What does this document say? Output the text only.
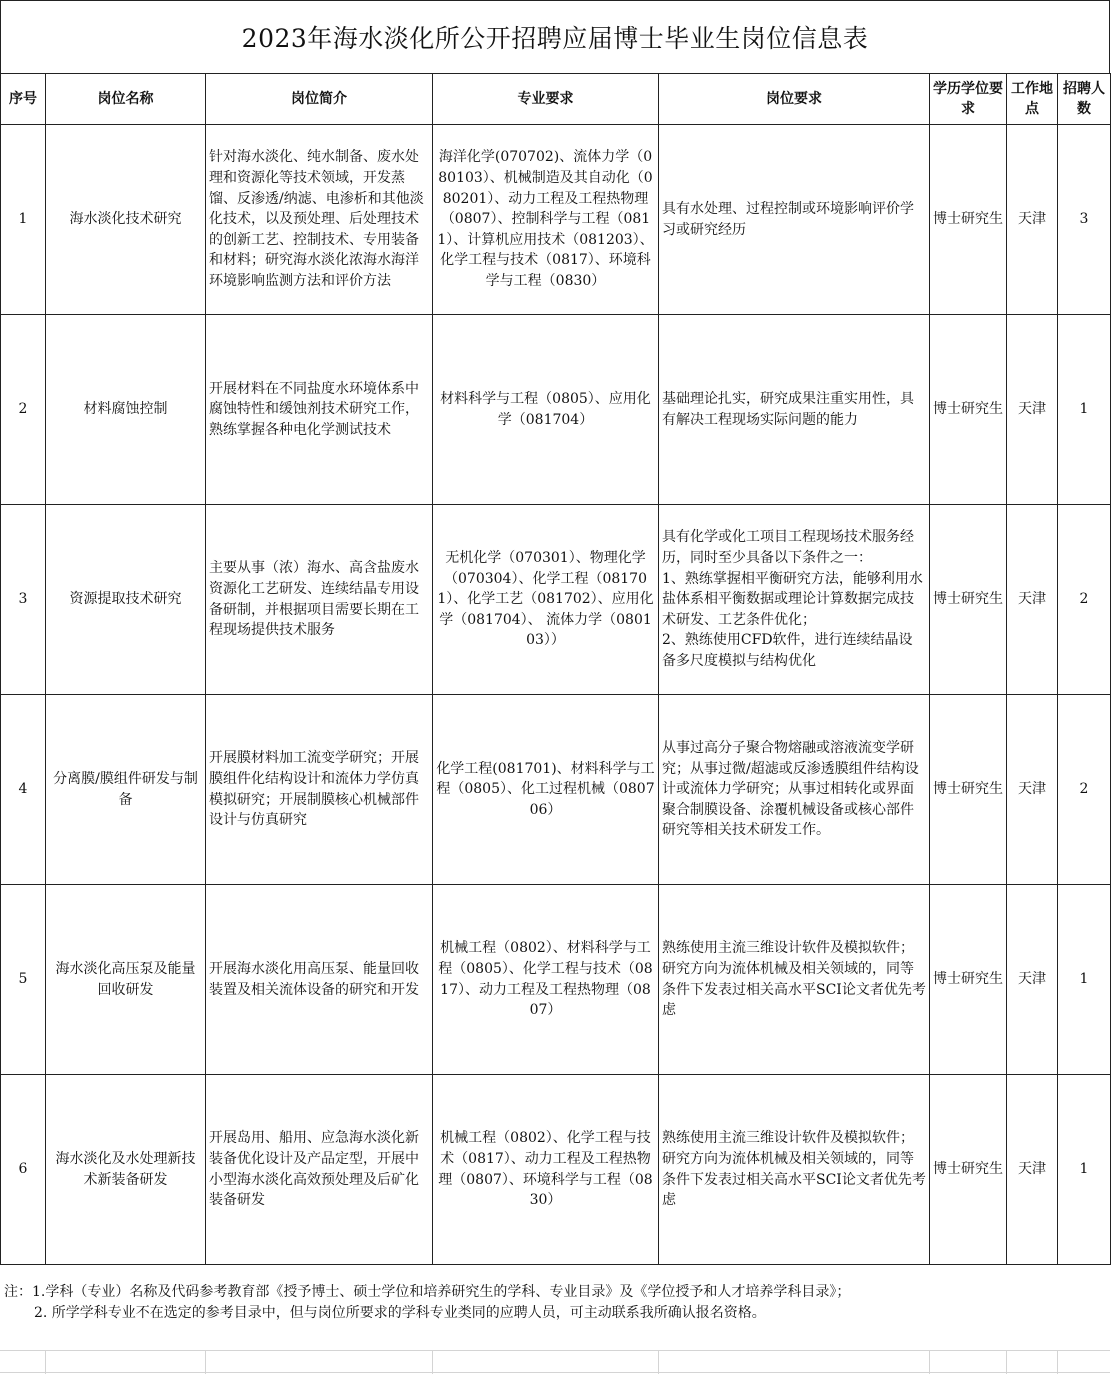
2023年海水淡化所公开招聘应届博士毕业生岗位信息表
序号	岗位名称	岗位简介	专业要求	岗位要求	学历学位要求	工作地点	招聘人数
1	海水淡化技术研究	针对海水淡化、纯水制备、废水处理和资源化等技术领域，开发蒸馏、反渗透/纳滤、电渗析和其他淡化技术，以及预处理、后处理技术的创新工艺、控制技术、专用装备和材料；研究海水淡化浓海水海洋环境影响监测方法和评价方法	海洋化学(070702)、流体力学（080103）、机械制造及其自动化（080201）、动力工程及工程热物理（0807）、控制科学与工程（0811）、计算机应用技术（081203）、化学工程与技术（0817）、环境科学与工程（0830）	具有水处理、过程控制或环境影响评价学习或研究经历	博士研究生	天津	3
2	材料腐蚀控制	开展材料在不同盐度水环境体系中腐蚀特性和缓蚀剂技术研究工作，熟练掌握各种电化学测试技术	材料科学与工程（0805）、应用化学（081704）	基础理论扎实，研究成果注重实用性，具有解决工程现场实际问题的能力	博士研究生	天津	1
3	资源提取技术研究	主要从事（浓）海水、高含盐废水资源化工艺研发、连续结晶专用设备研制，并根据项目需要长期在工程现场提供技术服务	无机化学（070301）、物理化学（070304）、化学工程（081701）、化学工艺（081702）、应用化学（081704）、 流体力学（080103））	具有化学或化工项目工程现场技术服务经历，同时至少具备以下条件之一：
1、熟练掌握相平衡研究方法，能够利用水盐体系相平衡数据或理论计算数据完成技术研发、工艺条件优化；
2、熟练使用CFD软件，进行连续结晶设备多尺度模拟与结构优化	博士研究生	天津	2
4	分离膜/膜组件研发与制备	开展膜材料加工流变学研究；开展膜组件化结构设计和流体力学仿真模拟研究；开展制膜核心机械部件设计与仿真研究	化学工程(081701)、材料科学与工程（0805）、化工过程机械（080706）	从事过高分子聚合物熔融或溶液流变学研究；从事过微/超滤或反渗透膜组件结构设计或流体力学研究；从事过相转化或界面聚合制膜设备、涂覆机械设备或核心部件研究等相关技术研发工作。	博士研究生	天津	2
5	海水淡化高压泵及能量回收研发	开展海水淡化用高压泵、能量回收装置及相关流体设备的研究和开发	机械工程（0802）、材料科学与工程（0805）、化学工程与技术（0817）、动力工程及工程热物理（0807）	熟练使用主流三维设计软件及模拟软件；研究方向为流体机械及相关领域的，同等条件下发表过相关高水平SCI论文者优先考虑	博士研究生	天津	1
6	海水淡化及水处理新技术新装备研发	开展岛用、船用、应急海水淡化新装备优化设计及产品定型，开展中小型海水淡化高效预处理及后矿化装备研发	机械工程（0802）、化学工程与技术（0817）、动力工程及工程热物理（0807）、环境科学与工程（0830）	熟练使用主流三维设计软件及模拟软件；研究方向为流体机械及相关领域的，同等条件下发表过相关高水平SCI论文者优先考虑	博士研究生	天津	1
注：1.学科（专业）名称及代码参考教育部《授予博士、硕士学位和培养研究生的学科、专业目录》及《学位授予和人才培养学科目录》；
2. 所学学科专业不在选定的参考目录中，但与岗位所要求的学科专业类同的应聘人员，可主动联系我所确认报名资格。
